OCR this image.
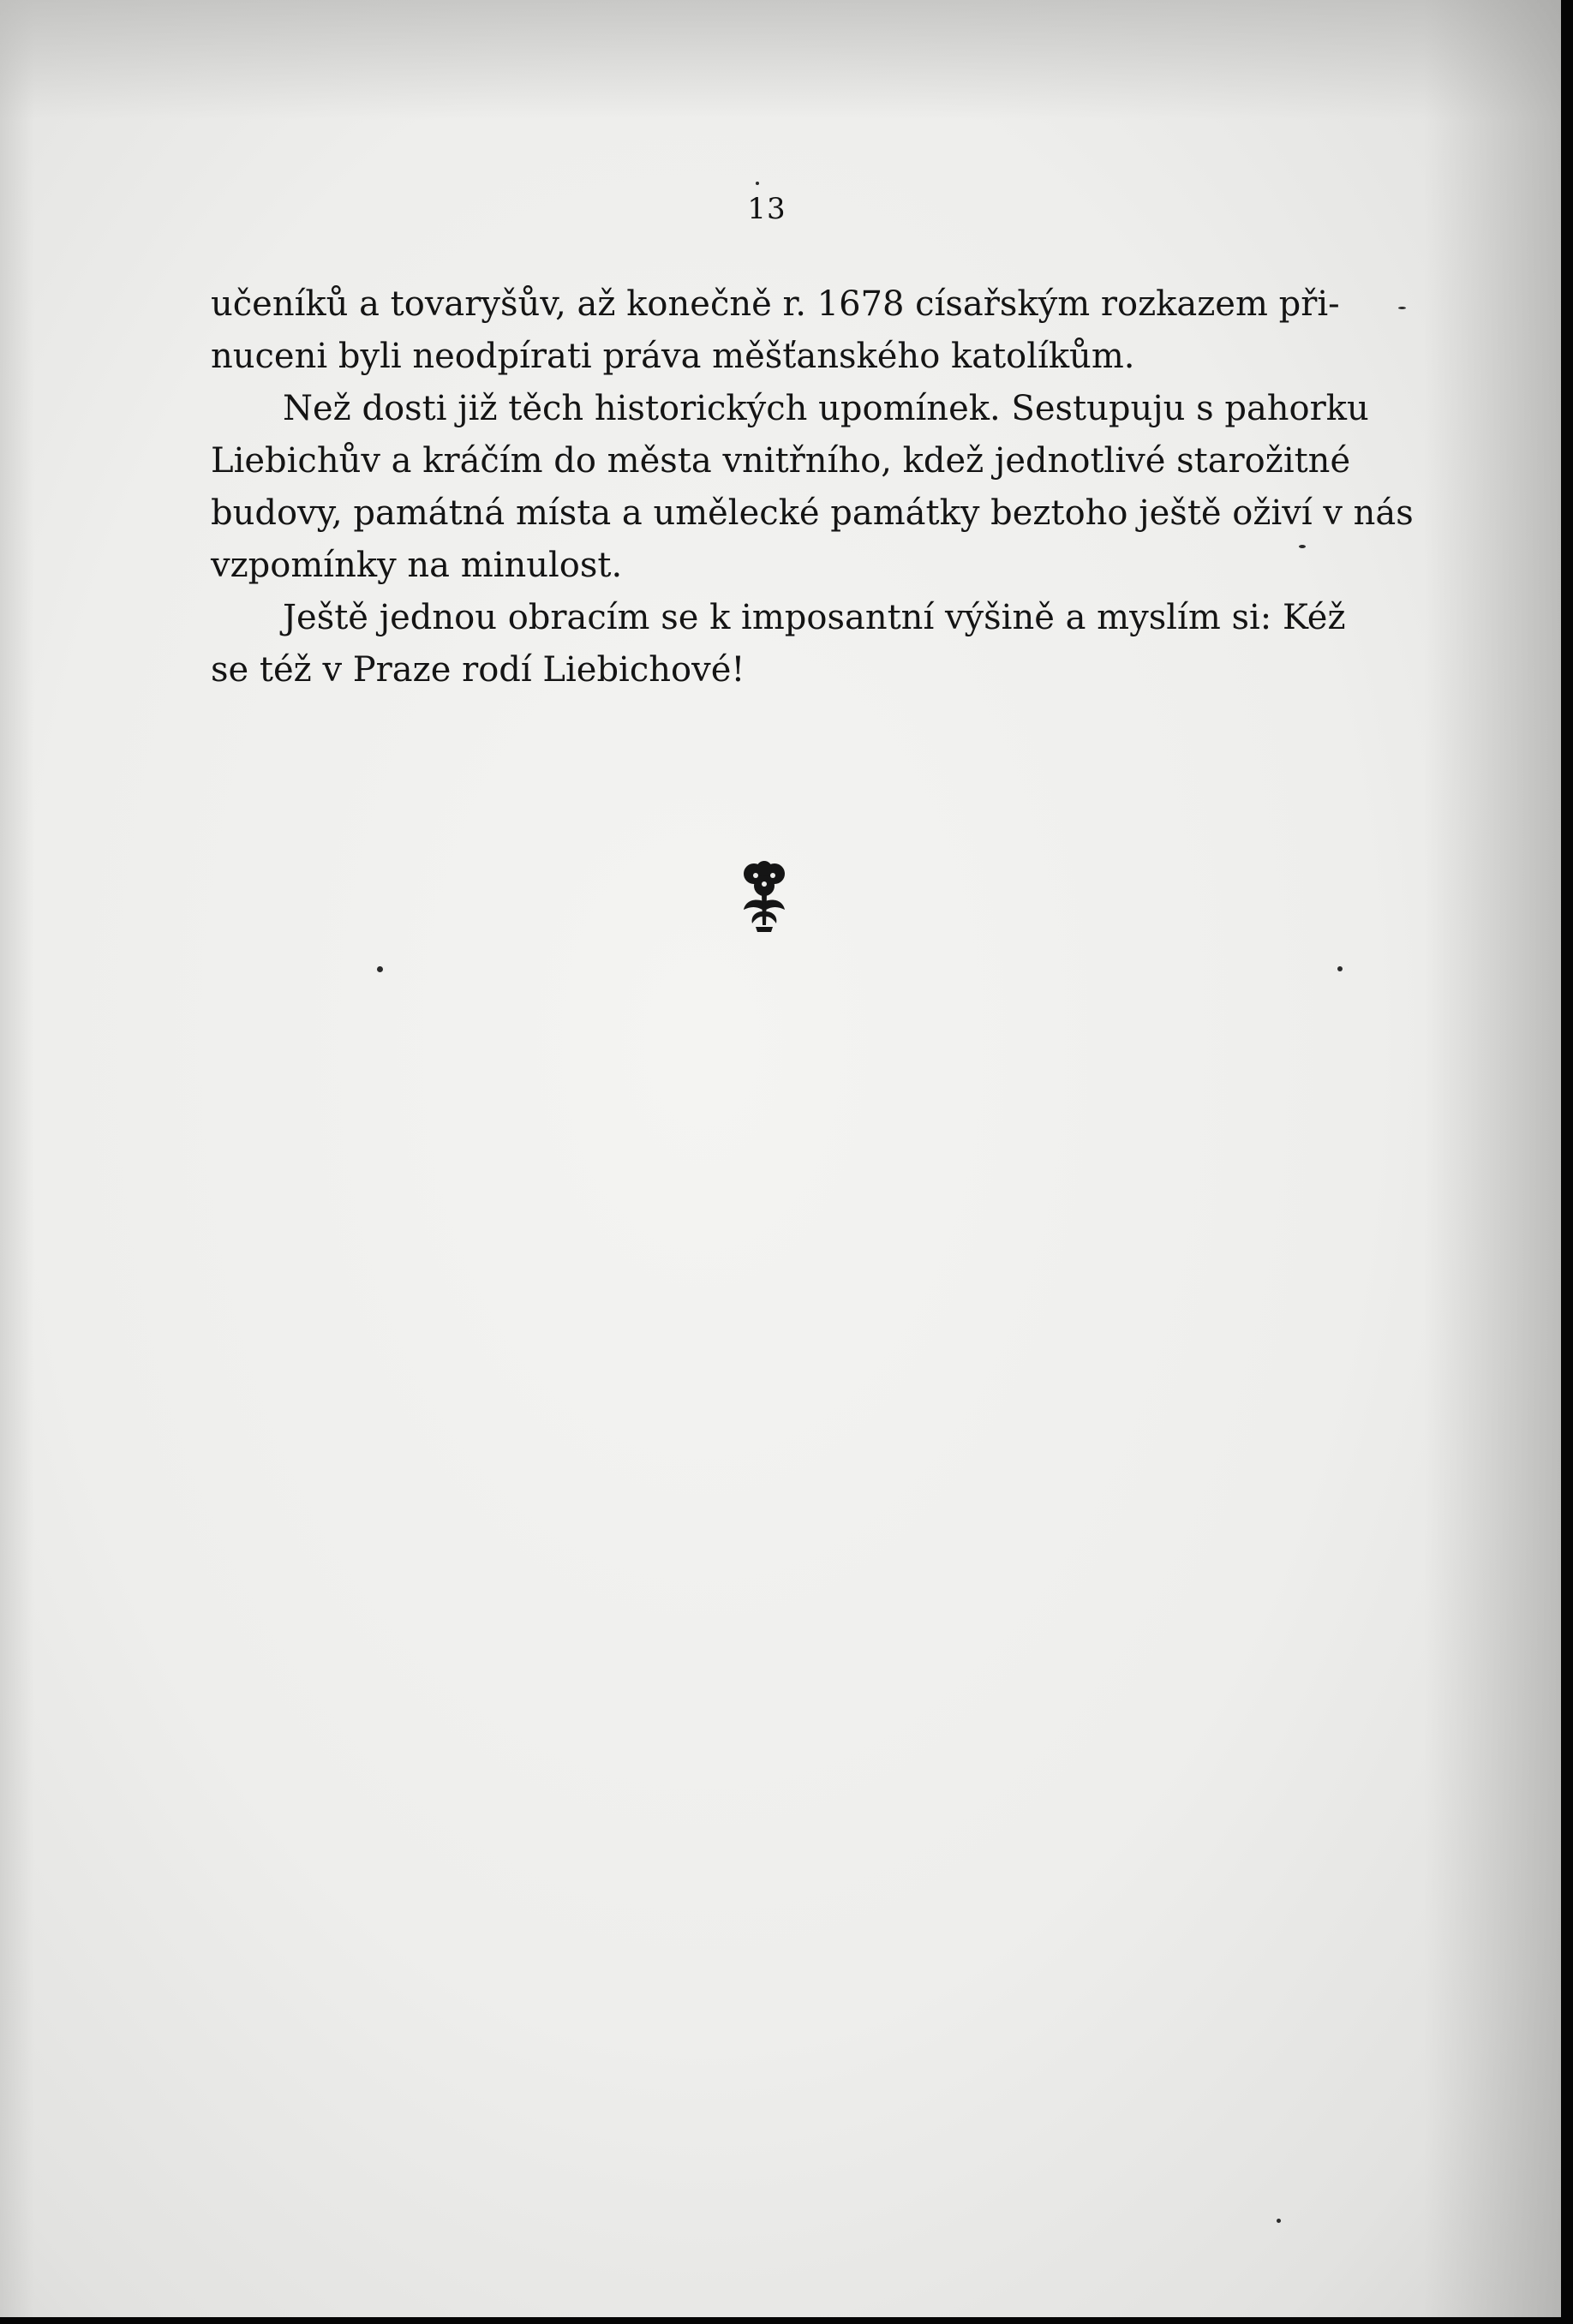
13
učeníků a tovaryšův, až konečně r. 1678 císařským rozkazem při-
nuceni byli neodpírati práva měšťanského katolíkům.
Než dosti již těch historických upomínek. Sestupuju s pahorku
Liebichův a kráčím do města vnitřního, kdež jednotlivé starožitné
budovy, památná místa a umělecké památky beztoho ještě oživí v nás
vzpomínky na minulost.
Ještě jednou obracím se k imposantní výšině a myslím si: Kéž
se též v Praze rodí Liebichové!
